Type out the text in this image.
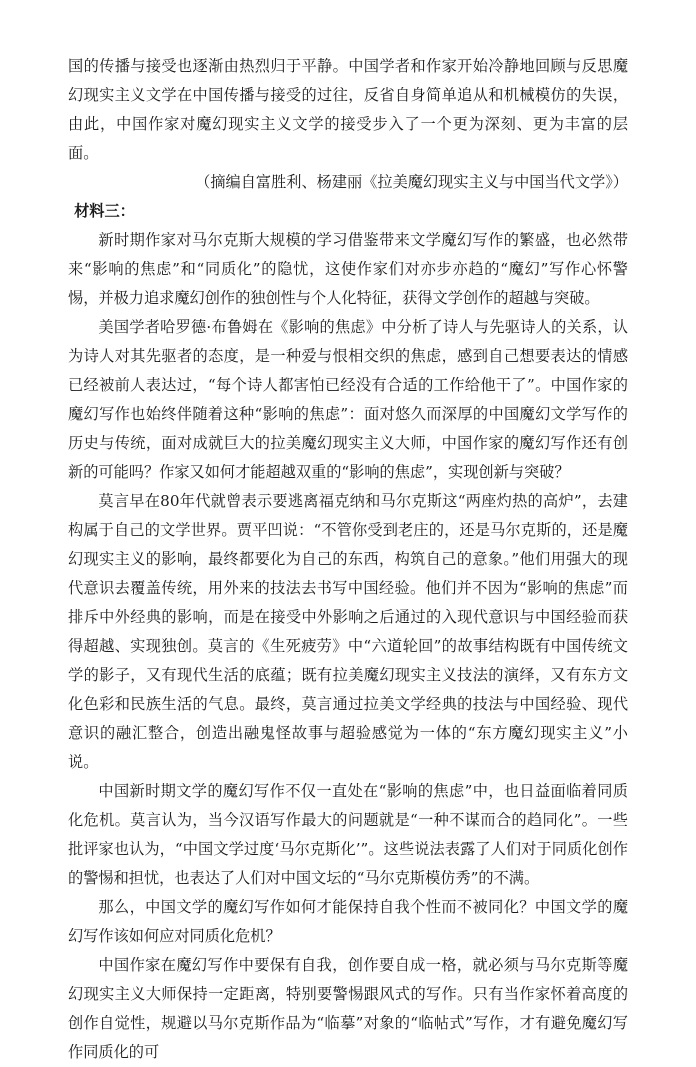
国的传播与接受也逐渐由热烈归于平静。中国学者和作家开始冷静地回顾与反思魔幻现实主义文学在中国传播与接受的过往，反省自身简单追从和机械模仿的失误，由此，中国作家对魔幻现实主义文学的接受步入了一个更为深刻、更为丰富的层面。

（摘编自富胜利、杨建丽《拉美魔幻现实主义与中国当代文学》）

材料三：

新时期作家对马尔克斯大规模的学习借鉴带来文学魔幻写作的繁盛，也必然带来“影响的焦虑”和“同质化”的隐忧，这使作家们对亦步亦趋的“魔幻”写作心怀警惕，并极力追求魔幻创作的独创性与个人化特征，获得文学创作的超越与突破。

美国学者哈罗德·布鲁姆在《影响的焦虑》中分析了诗人与先驱诗人的关系，认为诗人对其先驱者的态度，是一种爱与恨相交织的焦虑，感到自己想要表达的情感已经被前人表达过，“每个诗人都害怕已经没有合适的工作给他干了”。中国作家的魔幻写作也始终伴随着这种“影响的焦虑”：面对悠久而深厚的中国魔幻文学写作的历史与传统，面对成就巨大的拉美魔幻现实主义大师，中国作家的魔幻写作还有创新的可能吗？作家又如何才能超越双重的“影响的焦虑”，实现创新与突破？

莫言早在80年代就曾表示要逃离福克纳和马尔克斯这“两座灼热的高炉”，去建构属于自己的文学世界。贾平凹说：“不管你受到老庄的，还是马尔克斯的，还是魔幻现实主义的影响，最终都要化为自己的东西，构筑自己的意象。”他们用强大的现代意识去覆盖传统，用外来的技法去书写中国经验。他们并不因为“影响的焦虑”而排斥中外经典的影响，而是在接受中外影响之后通过的入现代意识与中国经验而获得超越、实现独创。莫言的《生死疲劳》中“六道轮回”的故事结构既有中国传统文学的影子，又有现代生活的底蕴；既有拉美魔幻现实主义技法的演绎，又有东方文化色彩和民族生活的气息。最终，莫言通过拉美文学经典的技法与中国经验、现代意识的融汇整合，创造出融鬼怪故事与超验感觉为一体的“东方魔幻现实主义”小说。

中国新时期文学的魔幻写作不仅一直处在“影响的焦虑”中，也日益面临着同质化危机。莫言认为，当今汉语写作最大的问题就是“一种不谋而合的趋同化”。一些批评家也认为，“中国文学过度‘马尔克斯化’”。这些说法表露了人们对于同质化创作的警惕和担忧，也表达了人们对中国文坛的“马尔克斯模仿秀”的不满。

那么，中国文学的魔幻写作如何才能保持自我个性而不被同化？中国文学的魔幻写作该如何应对同质化危机？

中国作家在魔幻写作中要保有自我，创作要自成一格，就必须与马尔克斯等魔幻现实主义大师保持一定距离，特别要警惕跟风式的写作。只有当作家怀着高度的创作自觉性，规避以马尔克斯作品为“临摹”对象的“临帖式”写作，才有避免魔幻写作同质化的可
